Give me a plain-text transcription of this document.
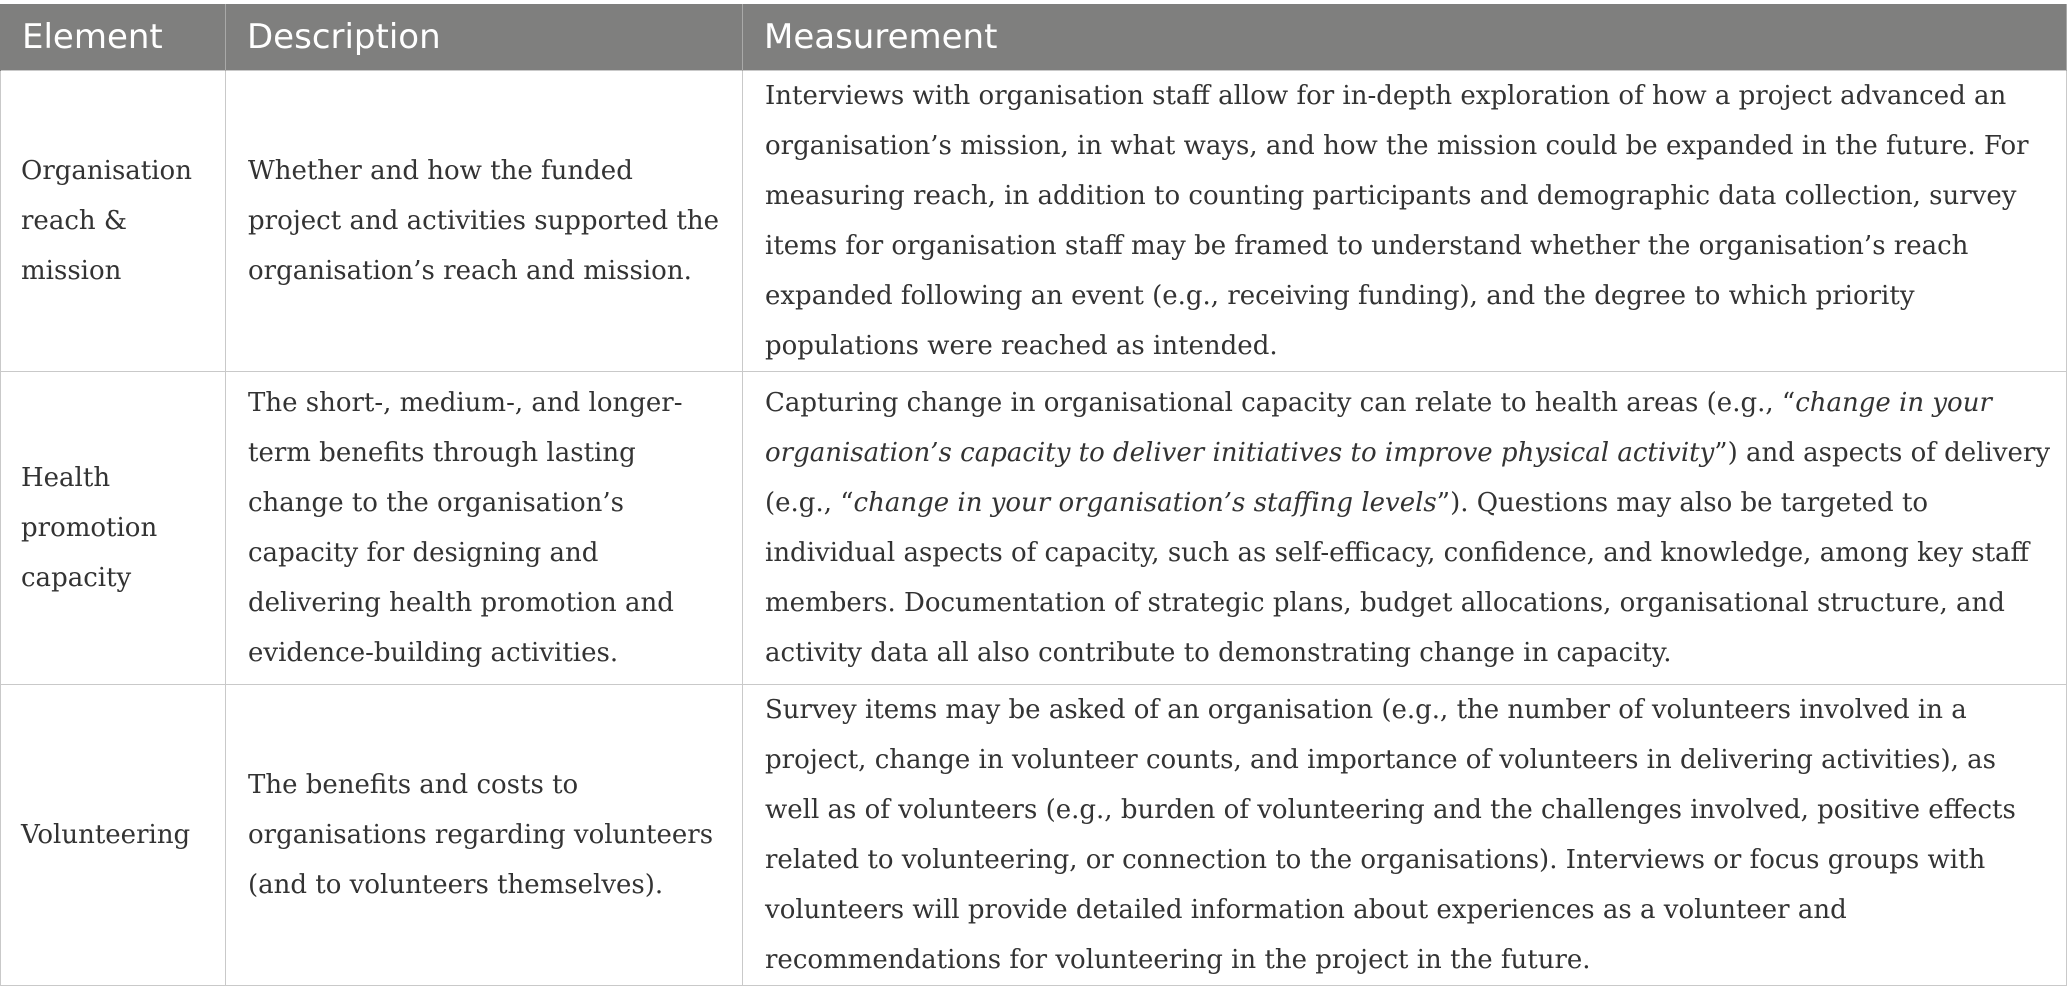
Element	Description	Measurement
Organisation reach & mission	Whether and how the funded project and activities supported the organisation’s reach and mission.	Interviews with organisation staff allow for in-depth exploration of how a project advanced an organisation’s mission, in what ways, and how the mission could be expanded in the future. For measuring reach, in addition to counting participants and demographic data collection, survey items for organisation staff may be framed to understand whether the organisation’s reach expanded following an event (e.g., receiving funding), and the degree to which priority populations were reached as intended.
Health promotion capacity	The short-, medium-, and longer-term benefits through lasting change to the organisation’s capacity for designing and delivering health promotion and evidence-building activities.	Capturing change in organisational capacity can relate to health areas (e.g., “change in your organisation’s capacity to deliver initiatives to improve physical activity”) and aspects of delivery (e.g., “change in your organisation’s staffing levels”). Questions may also be targeted to individual aspects of capacity, such as self-efficacy, confidence, and knowledge, among key staff members. Documentation of strategic plans, budget allocations, organisational structure, and activity data all also contribute to demonstrating change in capacity.
Volunteering	The benefits and costs to organisations regarding volunteers (and to volunteers themselves).	Survey items may be asked of an organisation (e.g., the number of volunteers involved in a project, change in volunteer counts, and importance of volunteers in delivering activities), as well as of volunteers (e.g., burden of volunteering and the challenges involved, positive effects related to volunteering, or connection to the organisations). Interviews or focus groups with volunteers will provide detailed information about experiences as a volunteer and recommendations for volunteering in the project in the future.
